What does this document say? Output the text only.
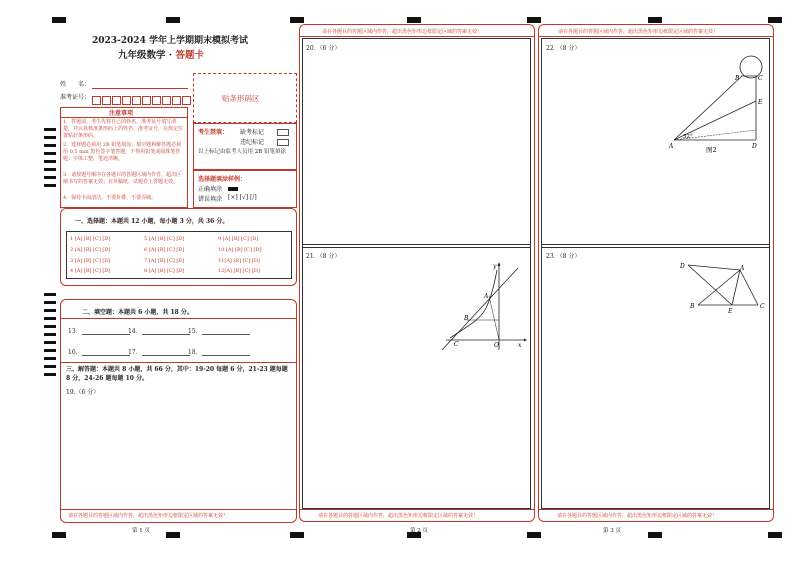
2023-2024 学年上学期期末模拟考试
九年级数学 · 答题卡
姓　　名：
准考证号：	贴条形码区
注意事项
1．答题前，考生先将自己的姓名，准考证号填写清楚，并认真核准条形码上的姓名、准考证号，在规定位置贴好条形码。
2．选择题必须用 2B 铅笔填涂；填空题和解答题必须用 0.5 mm 黑色签字笔答题，不得用铅笔或圆珠笔答题；字体工整、笔迹清晰。
3．请按题号顺序在各题目的答题区域内作答，超出区域书写的答案无效；在草稿纸、试题卷上答题无效。
4．保持卡面清洁，不要折叠、不要弄破。
考生禁填： 缺考标记
违纪标记
以上标记由监考人员用 2B 铅笔填涂
选择题填涂样例：
正确填涂
错误填涂 [×] [√] [/]
一、选择题：本题共 12 小题，每小题 3 分，共 36 分。
1 [A] [B] [C] [D]	5 [A] [B] [C] [D]	9 [A] [B] [C] [D]
2 [A] [B] [C] [D]	6 [A] [B] [C] [D]	10 [A] [B] [C] [D]
3 [A] [B] [C] [D]	7 [A] [B] [C] [D]	11[A] [B] [C] [D]
4 [A] [B] [C] [D]	8 [A] [B] [C] [D]	12[A] [B] [C] [D]
二、填空题：本题共 6 小题，共 18 分。
13．	14．	15．
16．	17．	18．
三、解答题：本题共 8 小题，共 66 分，其中：19-20 每题 6 分，21-23 题每题 8 分，24-26 题每题 10 分。
19.（6 分）
请在各题目的答题区域内作答，超出黑色矩形边框限定区域的答案无效！
第 1 页
请在各题目的答题区域内作答，超出黑色矩形边框限定区域的答案无效！
20．（6 分）
21．（8 分）
y
A
B
C	O	x
请在各题目的答题区域内作答，超出黑色矩形边框限定区域的答案无效！
第 2 页
请在各题目的答题区域内作答，超出黑色矩形边框限定区域的答案无效！
22．（8 分）
B	C
E
A	D
32°
图2
23．（8 分）
D	A
B
E
C
请在各题目的答题区域内作答，超出黑色矩形边框限定区域的答案无效！
第 3 页
